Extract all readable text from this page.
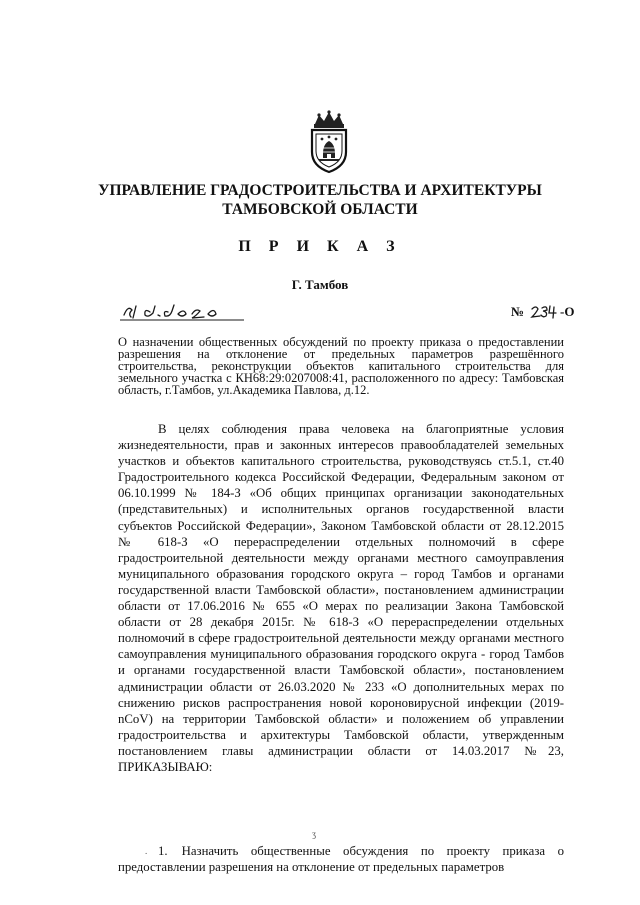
УПРАВЛЕНИЕ ГРАДОСТРОИТЕЛЬСТВА И АРХИТЕКТУРЫ
ТАМБОВСКОЙ ОБЛАСТИ
П Р И К А З
Г. Тамбов
№	-О
О назначении общественных обсуждений по проекту приказа о предоставлении разрешения на отклонение от предельных параметров разрешённого строительства, реконструкции объектов капитального строительства для земельного участка с КН68:29:0207008:41, расположенного по адресу: Тамбовская область, г.Тамбов, ул.Академика Павлова, д.12.
В целях соблюдения права человека на благоприятные условия жизнедеятельности, прав и законных интересов правообладателей земельных участков и объектов капитального строительства, руководствуясь ст.5.1, ст.40 Градостроительного кодекса Российской Федерации, Федеральным законом от 06.10.1999 № 184-З «Об общих принципах организации законодательных (представительных) и исполнительных органов государственной власти субъектов Российской Федерации», Законом Тамбовской области от 28.12.2015 № 618-З «О перераспределении отдельных полномочий в сфере градостроительной деятельности между органами местного самоуправления муниципального образования городского округа – город Тамбов и органами государственной власти Тамбовской области», постановлением администрации области от 17.06.2016 № 655 «О мерах по реализации Закона Тамбовской области от 28 декабря 2015г. № 618-З «О перераспределении отдельных полномочий в сфере градостроительной деятельности между органами местного самоуправления муниципального образования городского округа - город Тамбов и органами государственной власти Тамбовской области», постановлением администрации области от 26.03.2020 № 233 «О дополнительных мерах по снижению рисков распространения новой короновирусной инфекции (2019-nCoV) на территории Тамбовской области» и положением об управлении градостроительства и архитектуры Тамбовской области, утвержденным постановлением главы администрации области от 14.03.2017 №23, ПРИКАЗЫВАЮ:
ʒ
. 1. Назначить общественные обсуждения по проекту приказа о предоставлении разрешения на отклонение от предельных параметров
